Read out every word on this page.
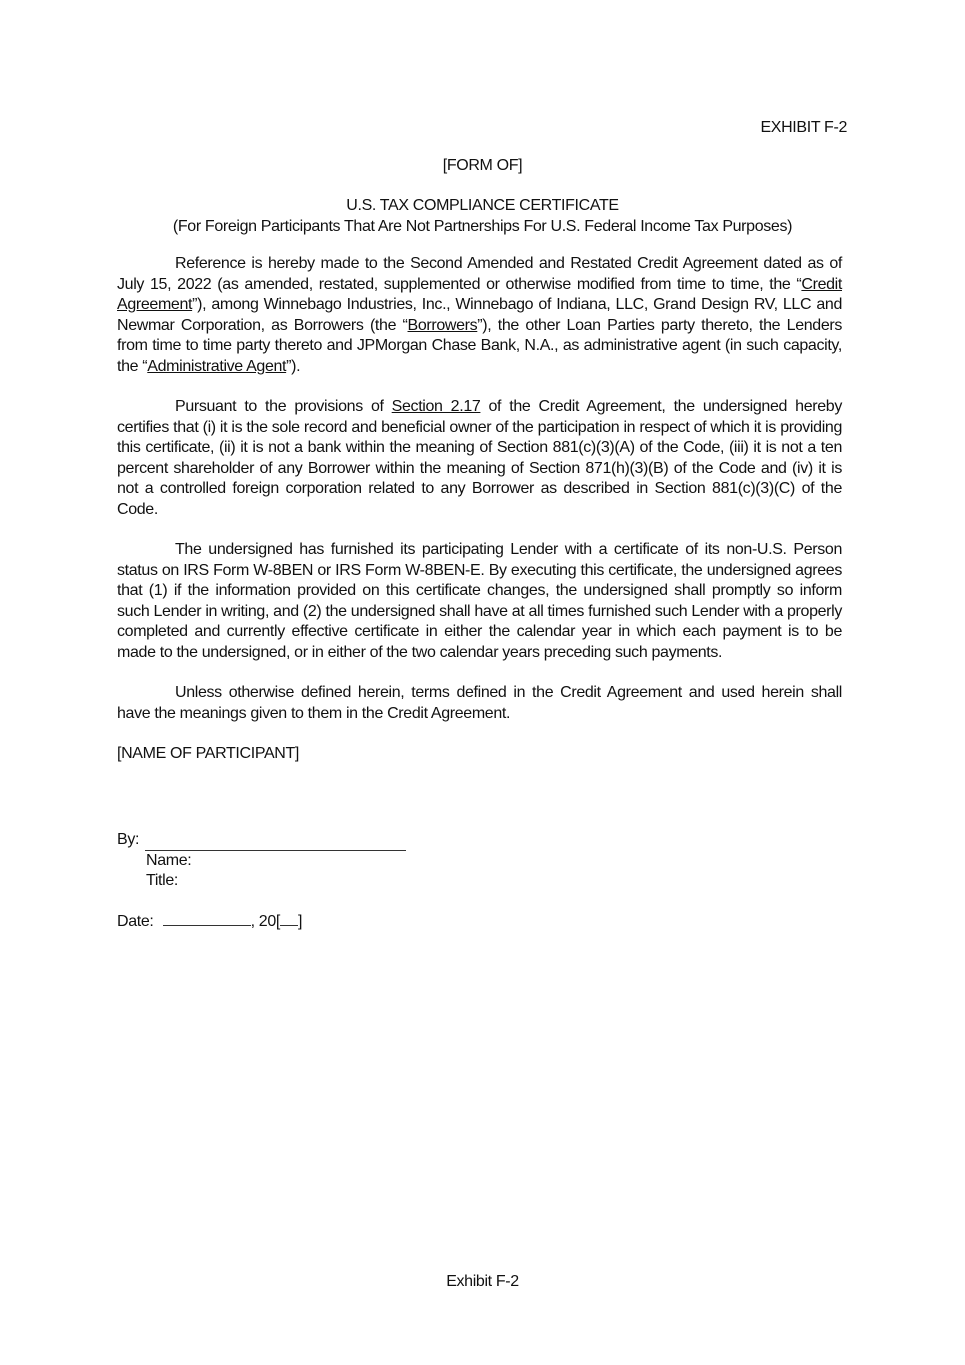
EXHIBIT F-2
[FORM OF]
U.S. TAX COMPLIANCE CERTIFICATE
(For Foreign Participants That Are Not Partnerships For U.S. Federal Income Tax Purposes)

Reference is hereby made to the Second Amended and Restated Credit Agreement dated as of July 15, 2022 (as amended, restated, supplemented or otherwise modified from time to time, the “Credit Agreement”), among Winnebago Industries, Inc., Winnebago of Indiana, LLC, Grand Design RV, LLC and Newmar Corporation, as Borrowers (the “Borrowers”), the other Loan Parties party thereto, the Lenders from time to time party thereto and JPMorgan Chase Bank, N.A., as administrative agent (in such capacity, the “Administrative Agent”).

Pursuant to the provisions of Section 2.17 of the Credit Agreement, the undersigned hereby certifies that (i) it is the sole record and beneficial owner of the participation in respect of which it is providing this certificate, (ii) it is not a bank within the meaning of Section 881(c)(3)(A) of the Code, (iii) it is not a ten percent shareholder of any Borrower within the meaning of Section 871(h)(3)(B) of the Code and (iv) it is not a controlled foreign corporation related to any Borrower as described in Section 881(c)(3)(C) of the Code.

The undersigned has furnished its participating Lender with a certificate of its non-U.S. Person status on IRS Form W-8BEN or IRS Form W-8BEN-E. By executing this certificate, the undersigned agrees that (1) if the information provided on this certificate changes, the undersigned shall promptly so inform such Lender in writing, and (2) the undersigned shall have at all times furnished such Lender with a properly completed and currently effective certificate in either the calendar year in which each payment is to be made to the undersigned, or in either of the two calendar years preceding such payments.

Unless otherwise defined herein, terms defined in the Credit Agreement and used herein shall have the meanings given to them in the Credit Agreement.

[NAME OF PARTICIPANT]

By:
Name:
Title:
Date:	, 20[ ]
Exhibit F-2
